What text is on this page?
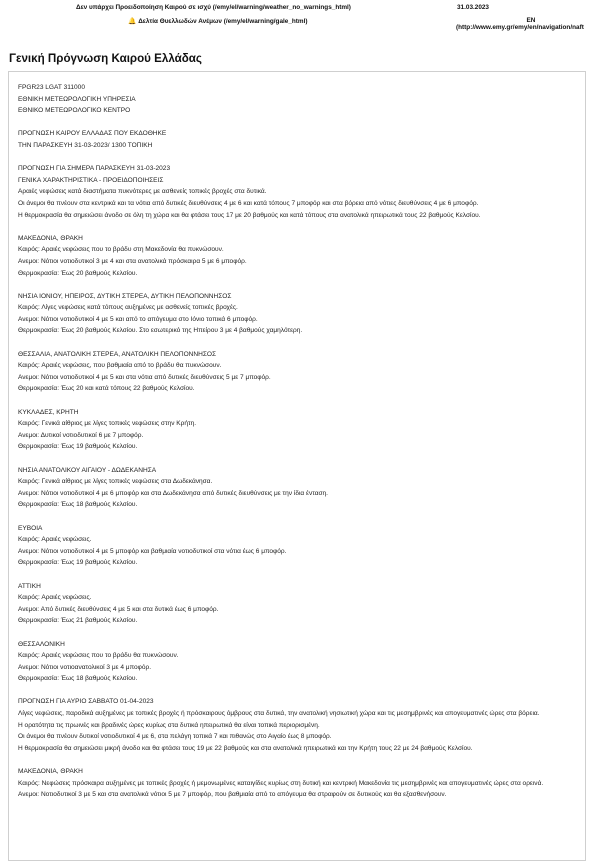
Δεν υπάρχει Προειδοποίηση Καιρού σε ισχύ (/emy/el/warning/weather_no_warnings_html)
🔔 Δελτία Θυελλωδών Ανέμων (/emy/el/warning/gale_html)
31.03.2023
EN
(http://www.emy.gr/emy/en/navigation/naft
Γενική Πρόγνωση Καιρού Ελλάδας
FPGR23 LGAT 311000
ΕΘΝΙΚΗ ΜΕΤΕΩΡΟΛΟΓΙΚΗ ΥΠΗΡΕΣΙΑ
ΕΘΝΙΚΟ ΜΕΤΕΩΡΟΛΟΓΙΚΟ ΚΕΝΤΡΟ
ΠΡΟΓΝΩΣΗ ΚΑΙΡΟΥ ΕΛΛΑΔΑΣ ΠΟΥ ΕΚΔΟΘΗΚΕ
ΤΗΝ ΠΑΡΑΣΚΕΥΗ 31-03-2023/ 1300 ΤΟΠΙΚΗ
ΠΡΟΓΝΩΣΗ ΓΙΑ ΣΗΜΕΡΑ ΠΑΡΑΣΚΕΥΗ 31-03-2023
ΓΕΝΙΚΑ ΧΑΡΑΚΤΗΡΙΣΤΙΚΑ - ΠΡΟΕΙΔΟΠΟΙΗΣΕΙΣ
Αραιές νεφώσεις κατά διαστήματα πυκνότερες με ασθενείς τοπικές βροχές στα δυτικά.
Οι άνεμοι θα πνέουν στα κεντρικά και τα νότια από δυτικές διευθύνσεις 4 με 6 και κατά τόπους 7 μποφόρ και στα βόρεια από νότιες διευθύνσεις 4 με 6 μποφόρ.
Η θερμοκρασία θα σημειώσει άνοδο σε όλη τη χώρα και θα φτάσει τους 17 με 20 βαθμούς και κατά τόπους στα ανατολικά ηπειρωτικά τους 22 βαθμούς Κελσίου.
ΜΑΚΕΔΟΝΙΑ, ΘΡΑΚΗ
Καιρός: Αραιές νεφώσεις που το βράδυ στη Μακεδονία θα πυκνώσουν.
Ανεμοι: Νότιοι νοτιοδυτικοί 3 με 4 και στα ανατολικά πρόσκαιρα 5 με 6 μποφόρ.
Θερμοκρασία: Έως 20 βαθμούς Κελσίου.
ΝΗΣΙΑ ΙΟΝΙΟΥ, ΗΠΕΙΡΟΣ, ΔΥΤΙΚΗ ΣΤΕΡΕΑ, ΔΥΤΙΚΗ ΠΕΛΟΠΟΝΝΗΣΟΣ
Καιρός: Λίγες νεφώσεις κατά τόπους αυξημένες με ασθενείς τοπικές βροχές.
Ανεμοι: Νότιοι νοτιοδυτικοί 4 με 5 και από το απόγευμα στο Ιόνιο τοπικά 6 μποφόρ.
Θερμοκρασία: Έως 20 βαθμούς Κελσίου. Στο εσωτερικό της Ηπείρου 3 με 4 βαθμούς χαμηλότερη.
ΘΕΣΣΑΛΙΑ, ΑΝΑΤΟΛΙΚΗ ΣΤΕΡΕΑ, ΑΝΑΤΟΛΙΚΗ ΠΕΛΟΠΟΝΝΗΣΟΣ
Καιρός: Αραιές νεφώσεις, που βαθμιαία από το βράδυ θα πυκνώσουν.
Ανεμοι: Νότιοι νοτιοδυτικοί 4 με 5 και στα νότια από δυτικές διευθύνσεις 5 με 7 μποφόρ.
Θερμοκρασία: Έως 20 και κατά τόπους 22 βαθμούς Κελσίου.
ΚΥΚΛΑΔΕΣ, ΚΡΗΤΗ
Καιρός: Γενικά αίθριος με λίγες τοπικές νεφώσεις στην Κρήτη.
Ανεμοι: Δυτικοί νοτιοδυτικοί 6 με 7 μποφόρ.
Θερμοκρασία: Έως 19 βαθμούς Κελσίου.
ΝΗΣΙΑ ΑΝΑΤΟΛΙΚΟΥ ΑΙΓΑΙΟΥ - ΔΩΔΕΚΑΝΗΣΑ
Καιρός: Γενικά αίθριος με λίγες τοπικές νεφώσεις στα Δωδεκάνησα.
Ανεμοι: Νότιοι νοτιοδυτικοί 4 με 6 μποφόρ και στα Δωδεκάνησα από δυτικές διευθύνσεις με την ίδια ένταση.
Θερμοκρασία: Έως 18 βαθμούς Κελσίου.
ΕΥΒΟΙΑ
Καιρός: Αραιές νεφώσεις.
Ανεμοι: Νότιοι νοτιοδυτικοί 4 με 5 μποφόρ και βαθμιαία νοτιοδυτικοί στα νότια έως 6 μποφόρ.
Θερμοκρασία: Έως 19 βαθμούς Κελσίου.
ΑΤΤΙΚΗ
Καιρός: Αραιές νεφώσεις.
Ανεμοι: Από δυτικές διευθύνσεις 4 με 5 και στα δυτικά έως 6 μποφόρ.
Θερμοκρασία: Έως 21 βαθμούς Κελσίου.
ΘΕΣΣΑΛΟΝΙΚΗ
Καιρός: Αραιές νεφώσεις που το βράδυ θα πυκνώσουν.
Ανεμοι: Νότιοι νοτιοανατολικοί 3 με 4 μποφόρ.
Θερμοκρασία: Έως 18 βαθμούς Κελσίου.
ΠΡΟΓΝΩΣΗ ΓΙΑ ΑΥΡΙΟ ΣΑΒΒΑΤΟ 01-04-2023
Λίγες νεφώσεις, παροδικά αυξημένες με τοπικές βροχές ή πρόσκαιρους όμβρους στα δυτικά, την ανατολική νησιωτική χώρα και τις μεσημβρινές και απογευματινές ώρες στα βόρεια.
Η ορατότητα τις πρωινές και βραδινές ώρες κυρίως στα δυτικά ηπειρωτικά θα είναι τοπικά περιορισμένη.
Οι άνεμοι θα πνέουν δυτικοί νοτιοδυτικοί 4 με 6, στα πελάγη τοπικά 7 και πιθανώς στο Αιγαίο έως 8 μποφόρ.
Η θερμοκρασία θα σημειώσει μικρή άνοδο και θα φτάσει τους 19 με 22 βαθμούς και στα ανατολικά ηπειρωτικά και την Κρήτη τους 22 με 24 βαθμούς Κελσίου.
ΜΑΚΕΔΟΝΙΑ, ΘΡΑΚΗ
Καιρός: Νεφώσεις πρόσκαιρα αυξημένες με τοπικές βροχές ή μεμονωμένες καταιγίδες κυρίως στη δυτική και κεντρική Μακεδονία τις μεσημβρινές και απογευματινές ώρες στα ορεινά.
Ανεμοι: Νοτιοδυτικοί 3 με 5 και στα ανατολικά νότιοι 5 με 7 μποφόρ, που βαθμιαία από το απόγευμα θα στραφούν σε δυτικούς και θα εξασθενήσουν.
